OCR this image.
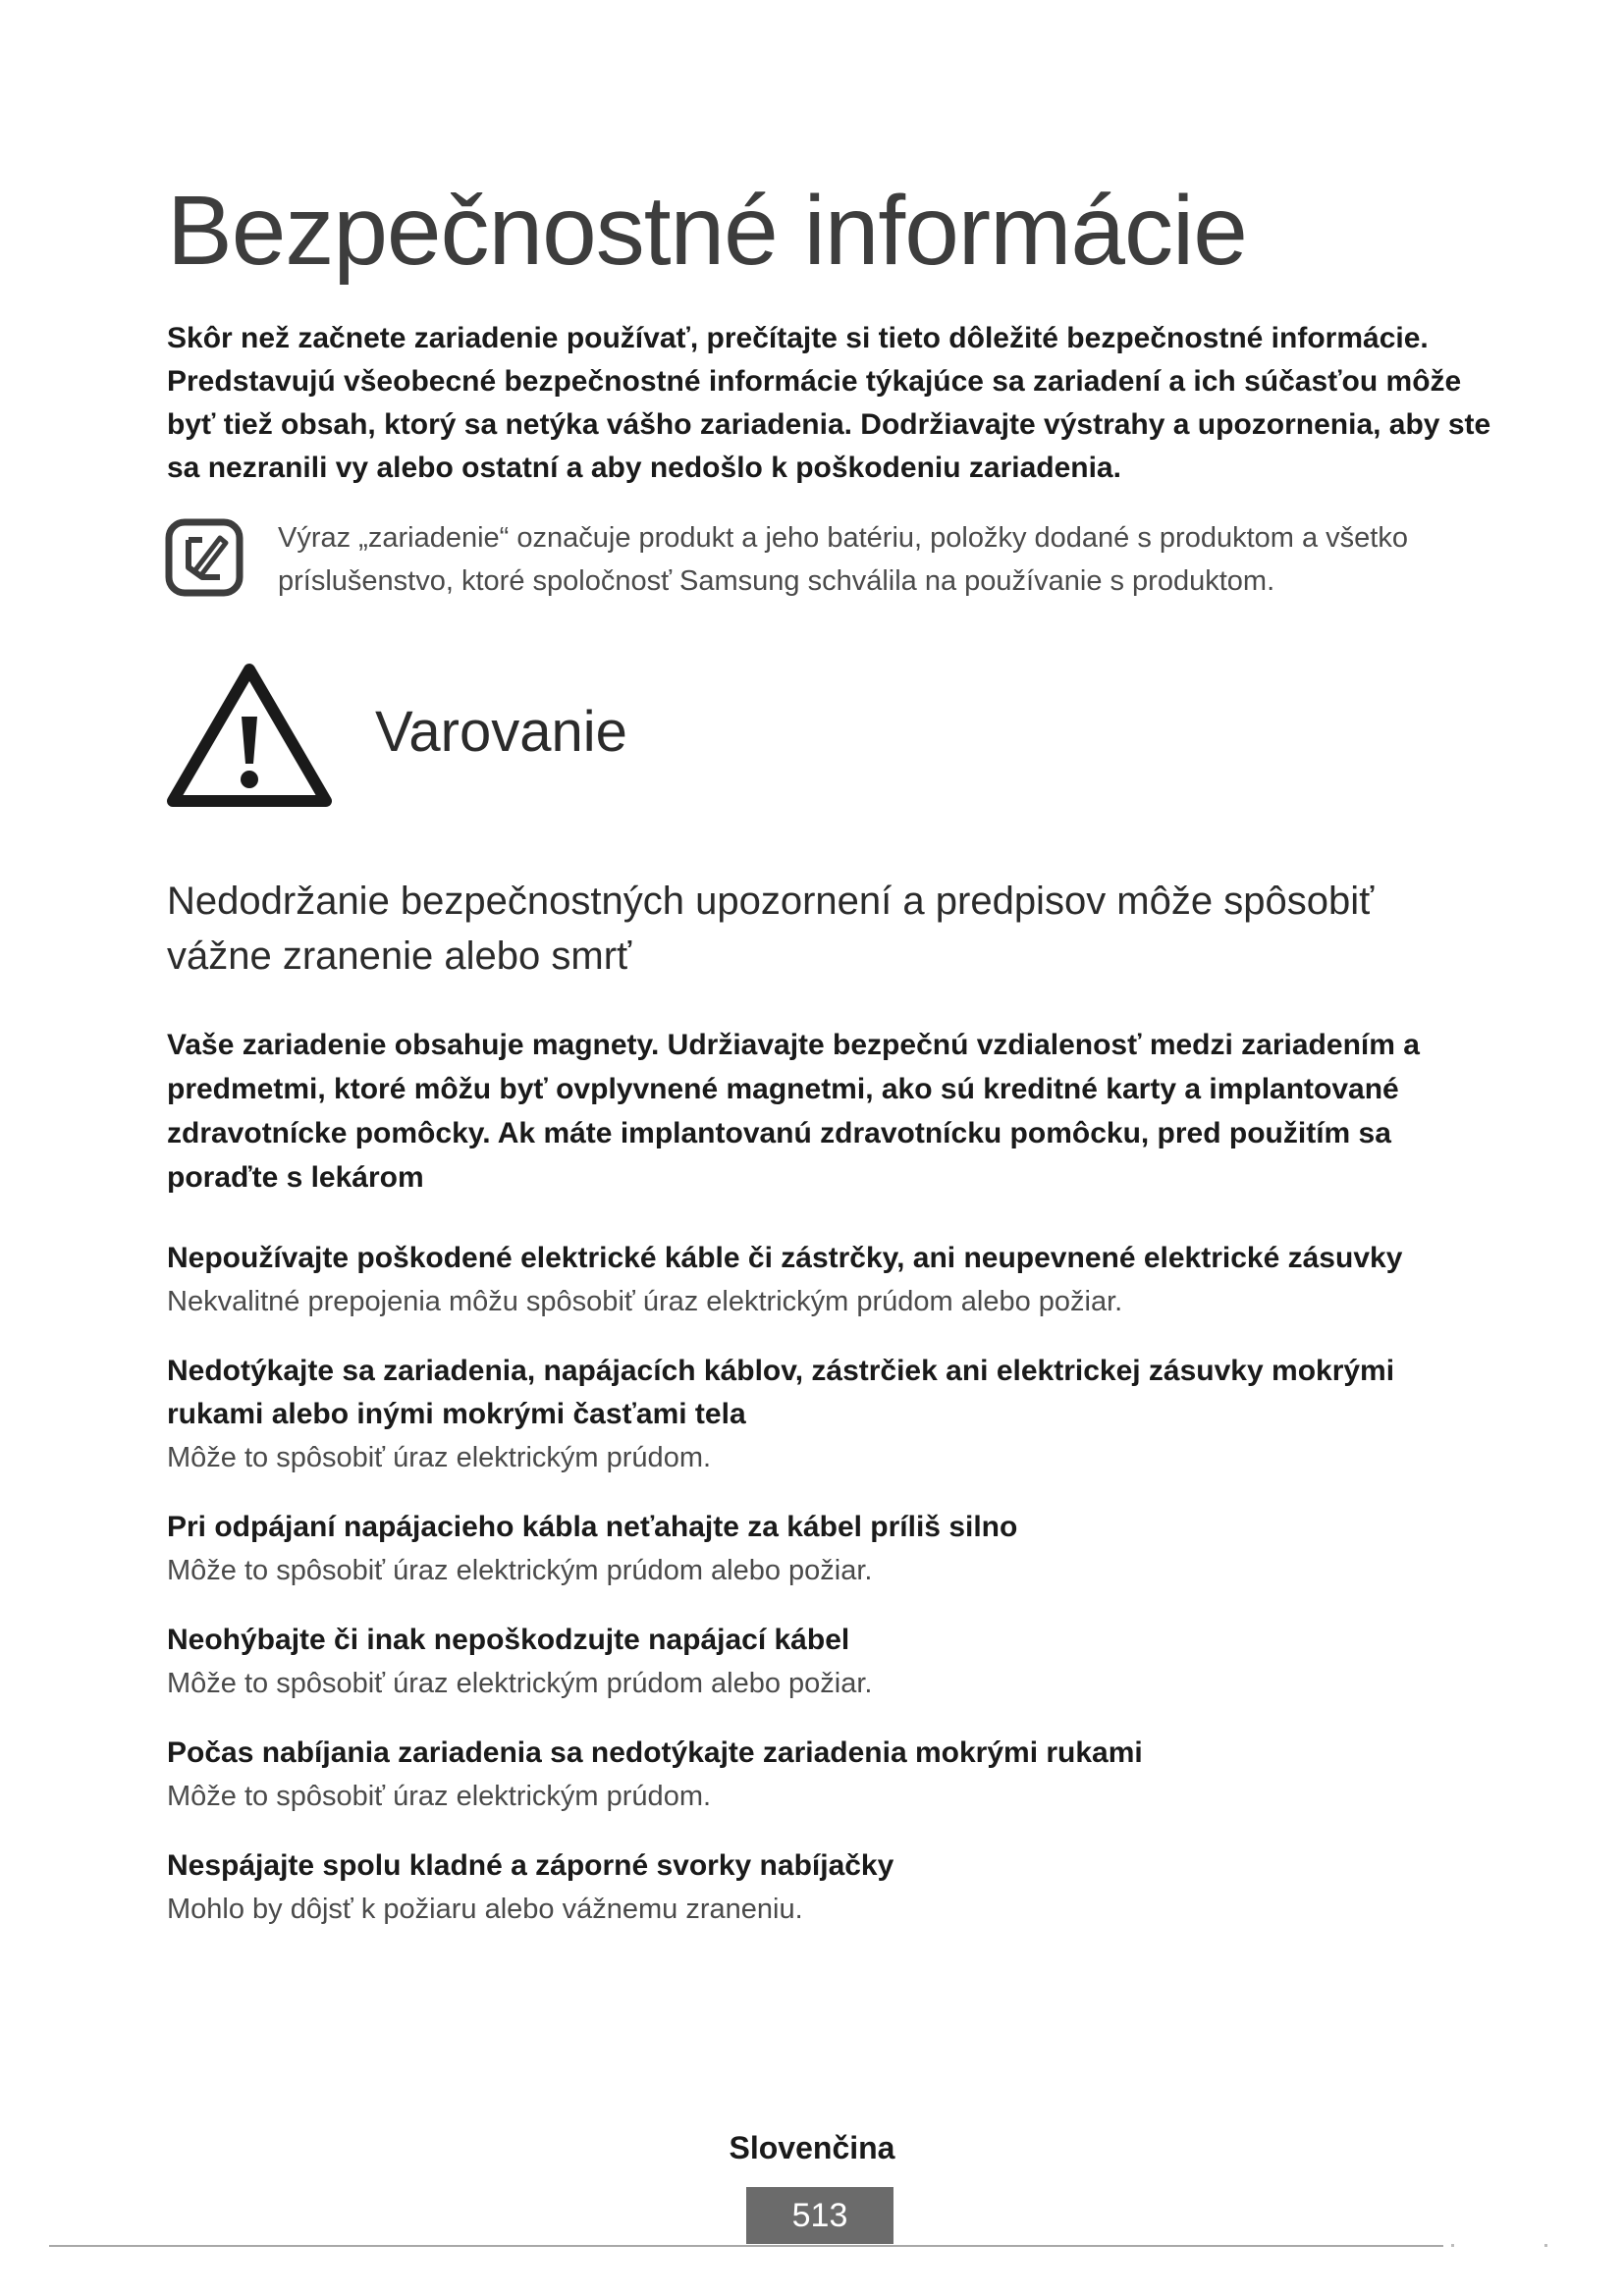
Bezpečnostné informácie

Skôr než začnete zariadenie používať, prečítajte si tieto dôležité bezpečnostné informácie. Predstavujú všeobecné bezpečnostné informácie týkajúce sa zariadení a ich súčasťou môže byť tiež obsah, ktorý sa netýka vášho zariadenia. Dodržiavajte výstrahy a upozornenia, aby ste sa nezranili vy alebo ostatní a aby nedošlo k poškodeniu zariadenia.

Výraz „zariadenie“ označuje produkt a jeho batériu, položky dodané s produktom a všetko príslušenstvo, ktoré spoločnosť Samsung schválila na používanie s produktom.

Varovanie
Nedodržanie bezpečnostných upozornení a predpisov môže spôsobiť vážne zranenie alebo smrť

Vaše zariadenie obsahuje magnety. Udržiavajte bezpečnú vzdialenosť medzi zariadením a predmetmi, ktoré môžu byť ovplyvnené magnetmi, ako sú kreditné karty a implantované zdravotnícke pomôcky. Ak máte implantovanú zdravotnícku pomôcku, pred použitím sa poraďte s lekárom

Nepoužívajte poškodené elektrické káble či zástrčky, ani neupevnené elektrické zásuvky

Nekvalitné prepojenia môžu spôsobiť úraz elektrickým prúdom alebo požiar.

Nedotýkajte sa zariadenia, napájacích káblov, zástrčiek ani elektrickej zásuvky mokrými rukami alebo inými mokrými časťami tela

Môže to spôsobiť úraz elektrickým prúdom.

Pri odpájaní napájacieho kábla neťahajte za kábel príliš silno

Môže to spôsobiť úraz elektrickým prúdom alebo požiar.

Neohýbajte či inak nepoškodzujte napájací kábel

Môže to spôsobiť úraz elektrickým prúdom alebo požiar.

Počas nabíjania zariadenia sa nedotýkajte zariadenia mokrými rukami

Môže to spôsobiť úraz elektrickým prúdom.

Nespájajte spolu kladné a záporné svorky nabíjačky

Mohlo by dôjsť k požiaru alebo vážnemu zraneniu.

Slovenčina

513
